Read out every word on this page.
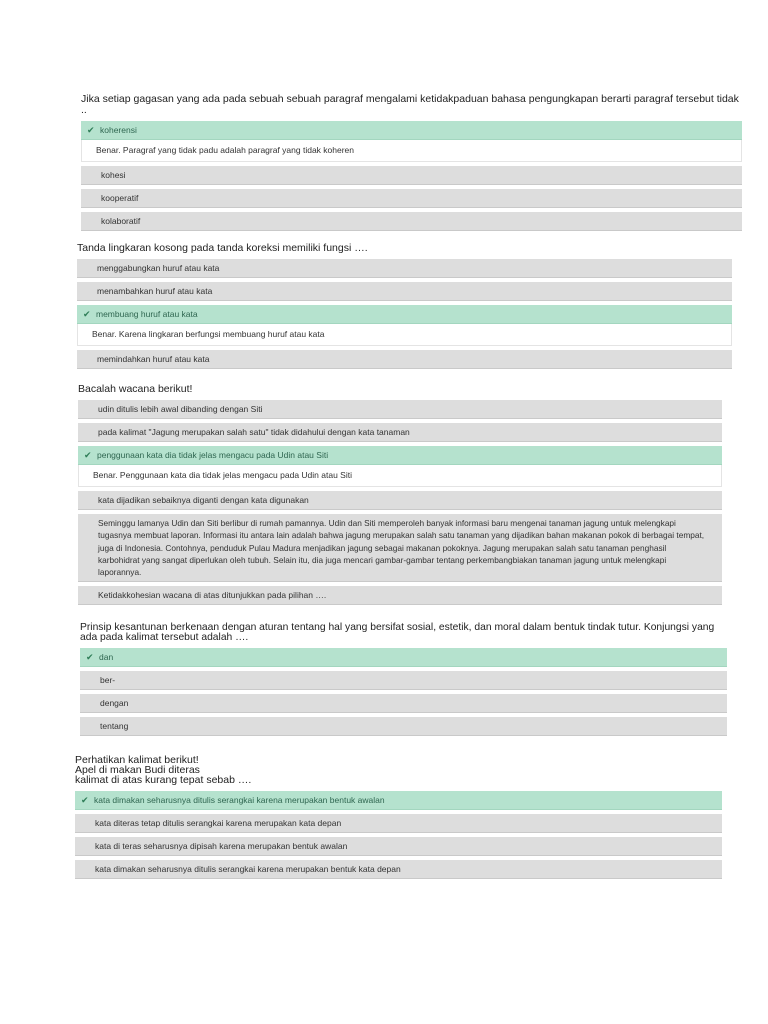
Jika setiap gagasan yang ada pada sebuah sebuah paragraf mengalami ketidakpaduan bahasa pengungkapan berarti paragraf tersebut tidak ..
✔ koherensi
Benar. Paragraf yang tidak padu adalah paragraf yang tidak koheren
kohesi
kooperatif
kolaboratif
Tanda lingkaran kosong pada tanda koreksi memiliki fungsi ….
menggabungkan huruf atau kata
menambahkan huruf atau kata
✔ membuang huruf atau kata
Benar. Karena lingkaran berfungsi membuang huruf atau kata
memindahkan huruf atau kata
Bacalah wacana berikut!
udin ditulis lebih awal dibanding dengan Siti
pada kalimat "Jagung merupakan salah satu" tidak didahului dengan kata tanaman
✔ penggunaan kata dia tidak jelas mengacu pada Udin atau Siti
Benar. Penggunaan kata dia tidak jelas mengacu pada Udin atau Siti
kata dijadikan sebaiknya diganti dengan kata digunakan
Seminggu lamanya Udin dan Siti berlibur di rumah pamannya. Udin dan Siti memperoleh banyak informasi baru mengenai tanaman jagung untuk melengkapi tugasnya membuat laporan. Informasi itu antara lain adalah bahwa jagung merupakan salah satu tanaman yang dijadikan bahan makanan pokok di berbagai tempat, juga di Indonesia. Contohnya, penduduk Pulau Madura menjadikan jagung sebagai makanan pokoknya. Jagung merupakan salah satu tanaman penghasil karbohidrat yang sangat diperlukan oleh tubuh. Selain itu, dia juga mencari gambar-gambar tentang perkembangbiakan tanaman jagung untuk melengkapi laporannya.
Ketidakkohesian wacana di atas ditunjukkan pada pilihan ….
Prinsip kesantunan berkenaan dengan aturan tentang hal yang bersifat sosial, estetik, dan moral dalam bentuk tindak tutur. Konjungsi yang ada pada kalimat tersebut adalah ….
✔ dan
ber-
dengan
tentang
Perhatikan kalimat berikut!
Apel di makan Budi diteras
kalimat di atas kurang tepat sebab ….
✔ kata dimakan seharusnya ditulis serangkai karena merupakan bentuk awalan
kata diteras tetap ditulis serangkai karena merupakan kata depan
kata di teras seharusnya dipisah karena merupakan bentuk awalan
kata dimakan seharusnya ditulis serangkai karena merupakan bentuk kata depan
